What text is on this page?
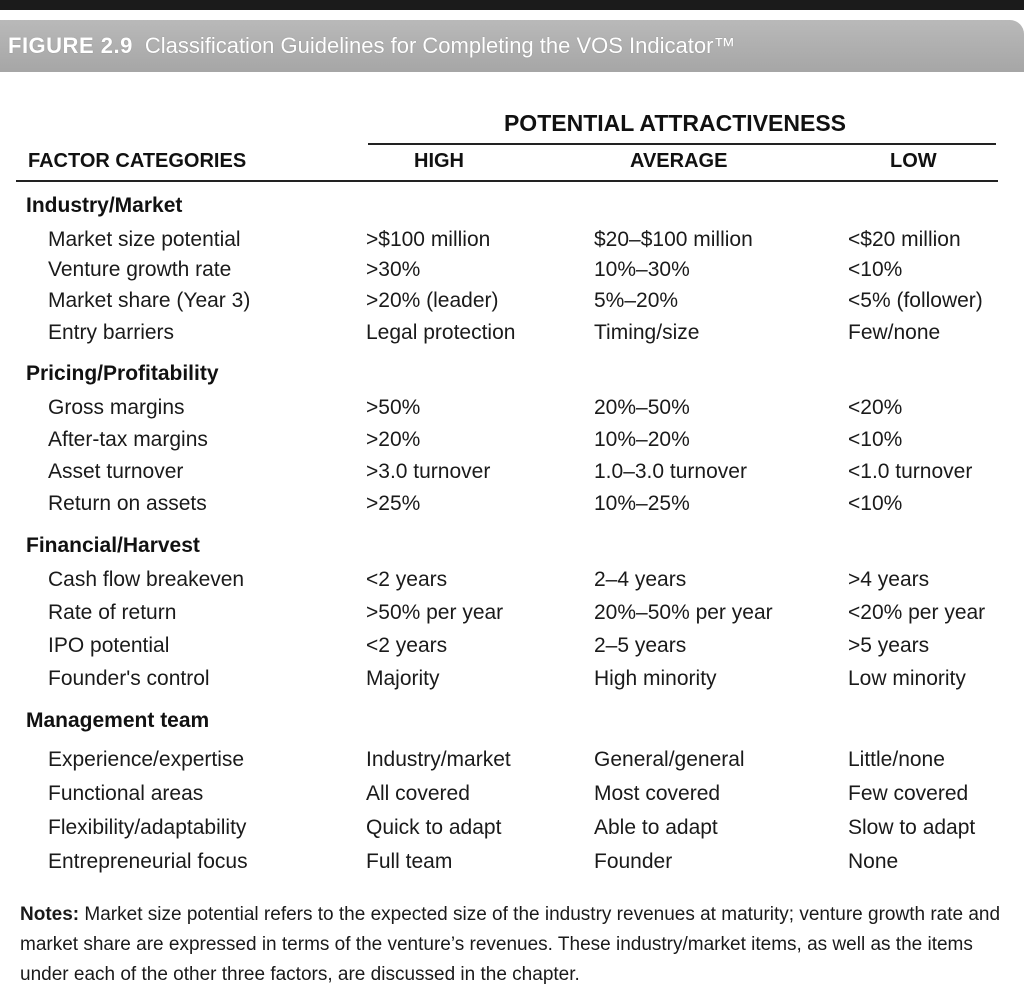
FIGURE 2.9 Classification Guidelines for Completing the VOS Indicator™
POTENTIAL ATTRACTIVENESS
FACTOR CATEGORIES	HIGH	AVERAGE	LOW
Industry/Market
Market size potential	>$100 million	$20–$100 million	<$20 million
Venture growth rate	>30%	10%–30%	<10%
Market share (Year 3)	>20% (leader)	5%–20%	<5% (follower)
Entry barriers	Legal protection	Timing/size	Few/none
Pricing/Profitability
Gross margins	>50%	20%–50%	<20%
After-tax margins	>20%	10%–20%	<10%
Asset turnover	>3.0 turnover	1.0–3.0 turnover	<1.0 turnover
Return on assets	>25%	10%–25%	<10%
Financial/Harvest
Cash flow breakeven	<2 years	2–4 years	>4 years
Rate of return	>50% per year	20%–50% per year	<20% per year
IPO potential	<2 years	2–5 years	>5 years
Founder's control	Majority	High minority	Low minority
Management team
Experience/expertise	Industry/market	General/general	Little/none
Functional areas	All covered	Most covered	Few covered
Flexibility/adaptability	Quick to adapt	Able to adapt	Slow to adapt
Entrepreneurial focus	Full team	Founder	None
Notes: Market size potential refers to the expected size of the industry revenues at maturity; venture growth rate and market share are expressed in terms of the venture’s revenues. These industry/market items, as well as the items under each of the other three factors, are discussed in the chapter.
